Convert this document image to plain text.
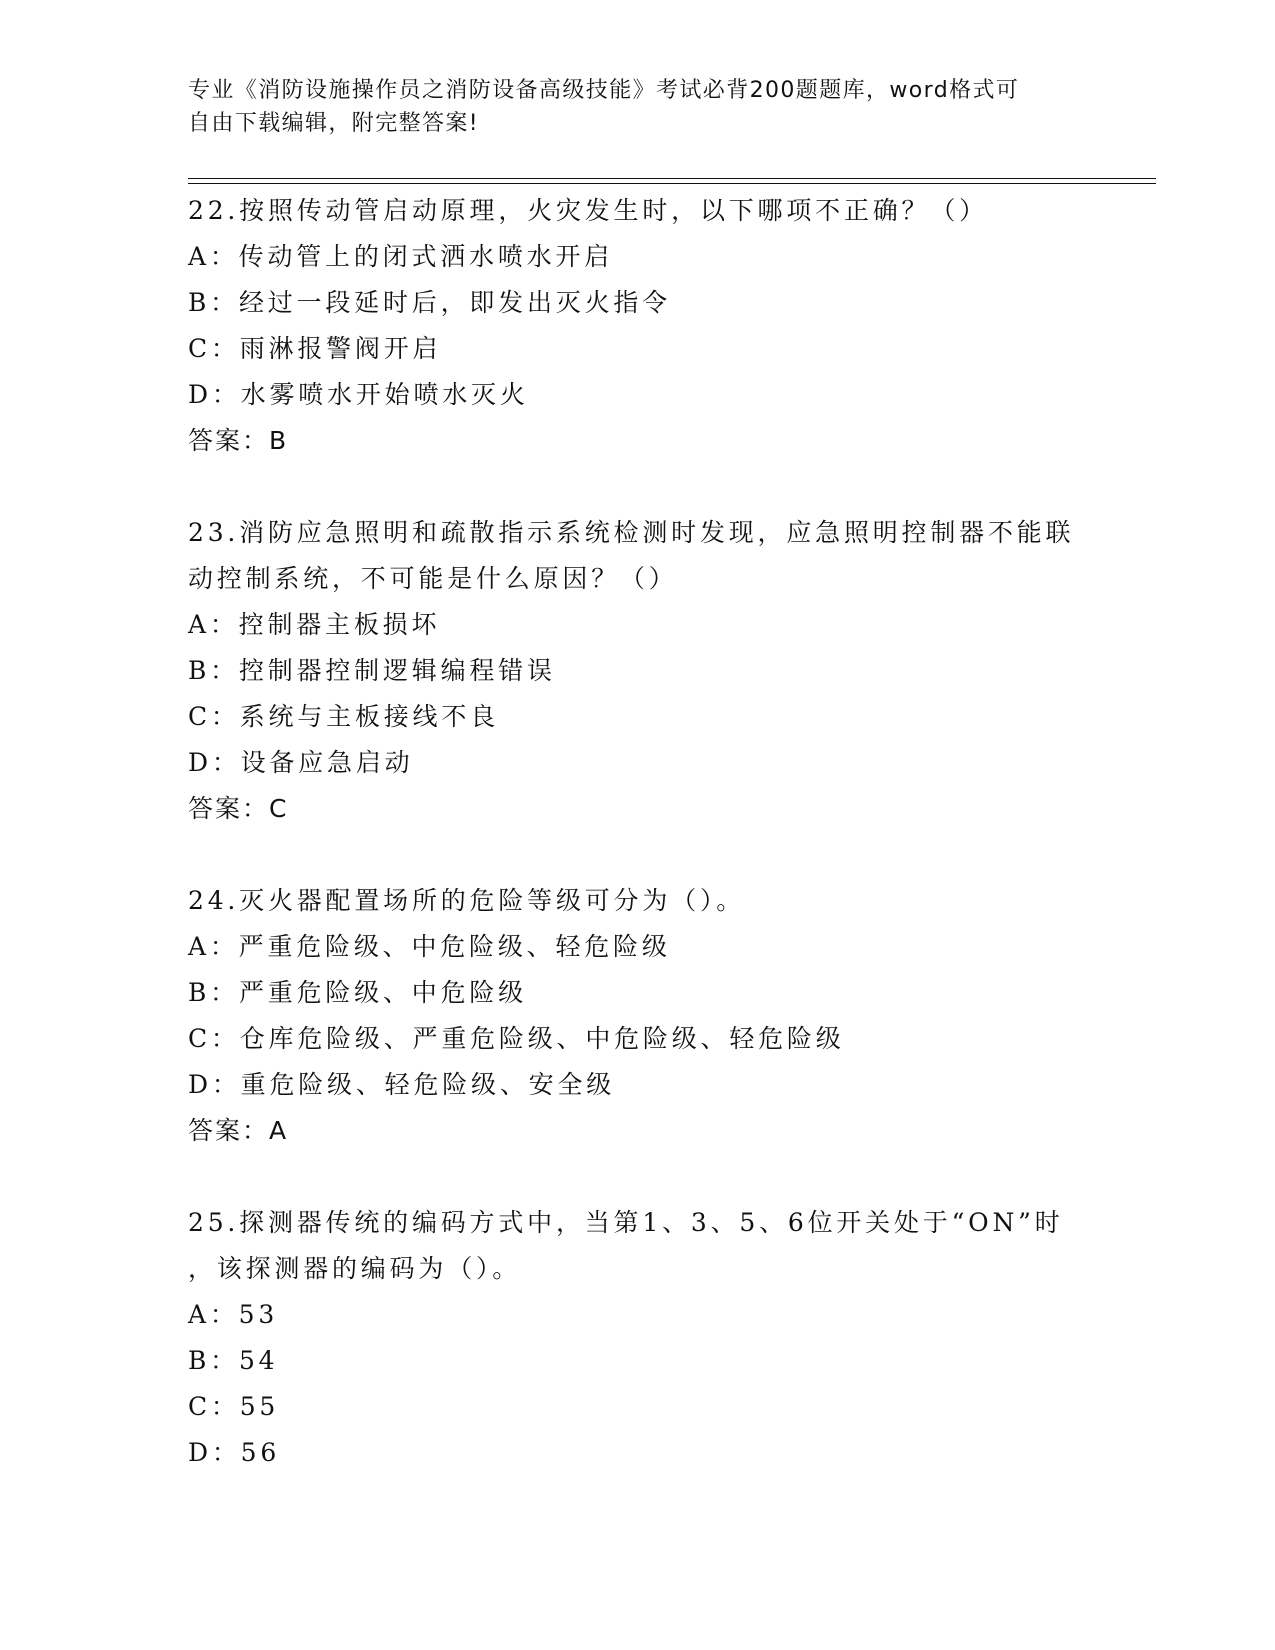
专业《消防设施操作员之消防设备高级技能》考试必背200题题库，word格式可
自由下载编辑，附完整答案!
22.按照传动管启动原理，火灾发生时，以下哪项不正确？（）
A：传动管上的闭式洒水喷水开启
B：经过一段延时后，即发出灭火指令
C：雨淋报警阀开启
D：水雾喷水开始喷水灭火
答案：B
23.消防应急照明和疏散指示系统检测时发现，应急照明控制器不能联
动控制系统，不可能是什么原因？（）
A：控制器主板损坏
B：控制器控制逻辑编程错误
C：系统与主板接线不良
D：设备应急启动
答案：C
24.灭火器配置场所的危险等级可分为（）。
A：严重危险级、中危险级、轻危险级
B：严重危险级、中危险级
C：仓库危险级、严重危险级、中危险级、轻危险级
D：重危险级、轻危险级、安全级
答案：A
25.探测器传统的编码方式中，当第1、3、5、6位开关处于“ON”时
，该探测器的编码为（）。
A：53
B：54
C：55
D：56
